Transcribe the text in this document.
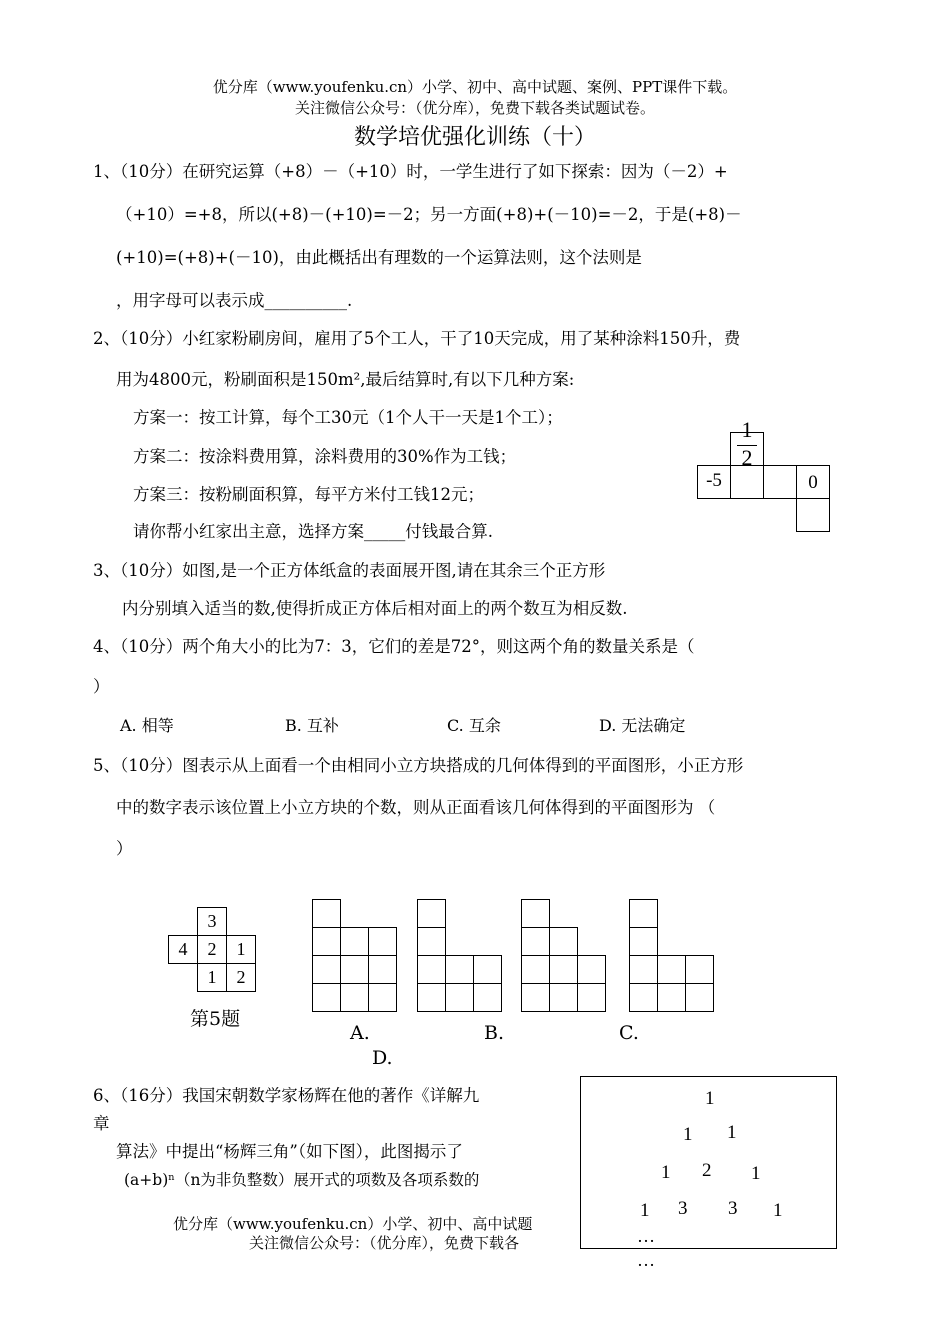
优分库（www.youfenku.cn）小学、初中、高中试题、案例、PPT课件下载。
关注微信公众号：（优分库），免费下载各类试题试卷。
数学培优强化训练（十）
1、（10分）在研究运算（+8）－（+10）时，一学生进行了如下探索：因为（－2）+
（+10）=+8，所以(+8)－(+10)=－2；另一方面(+8)+(－10)=－2，于是(+8)－
(+10)=(+8)+(－10)，由此概括出有理数的一个运算法则，这个法则是
，用字母可以表示成__________.
2、（10分）小红家粉刷房间，雇用了5个工人，干了10天完成，用了某种涂料150升，费
用为4800元，粉刷面积是150m²,最后结算时,有以下几种方案:
方案一：按工计算，每个工30元（1个人干一天是1个工）；
方案二：按涂料费用算，涂料费用的30%作为工钱；
方案三：按粉刷面积算，每平方米付工钱12元；
请你帮小红家出主意，选择方案_____付钱最合算.
1
2
-5	0
3、（10分）如图,是一个正方体纸盒的表面展开图,请在其余三个正方形
内分别填入适当的数,使得折成正方体后相对面上的两个数互为相反数.
4、（10分）两个角大小的比为7：3，它们的差是72°，则这两个角的数量关系是（
）
A. 相等	B. 互补	C. 互余	D. 无法确定
5、（10分）图表示从上面看一个由相同小立方块搭成的几何体得到的平面图形，小正方形
中的数字表示该位置上小立方块的个数，则从正面看该几何体得到的平面图形为 （
）
3
4	2	1
1	2
第5题
A.	B.	C.
D.
6、（16分）我国宋朝数学家杨辉在他的著作《详解九
章
算法》中提出“杨辉三角”（如下图），此图揭示了
(a+b)ⁿ（n为非负整数）展开式的项数及各项系数的
1
1 1
1 2 1
1 3 3 1
…
…
优分库（www.youfenku.cn）小学、初中、高中试题
关注微信公众号：（优分库），免费下载各
